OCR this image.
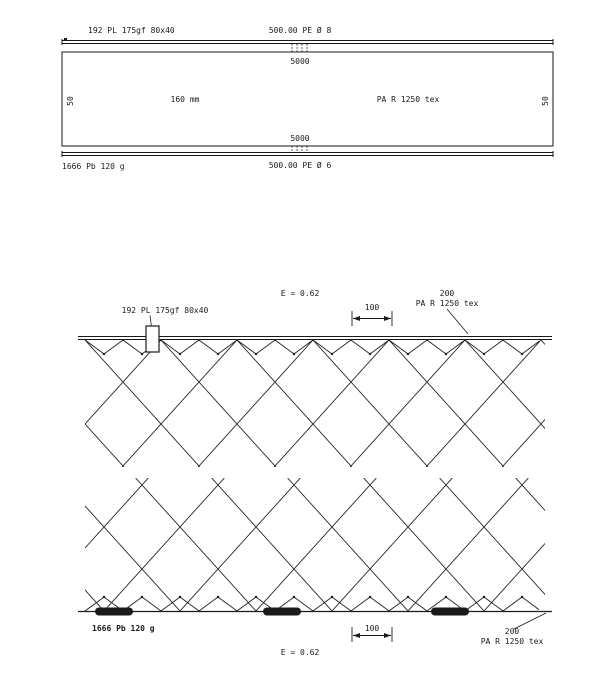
192 PL 175gf 80x40	500.00 PE Ø 8
5000
50	160 mm	PA R 1250 tex	50
5000
1666 Pb 120 g	500.00 PE Ø 6
E = 0.62
192 PL 175gf 80x40	100
200
PA R 1250 tex
1666 Pb 120 g	100	200
PA R 1250 tex
E = 0.62
